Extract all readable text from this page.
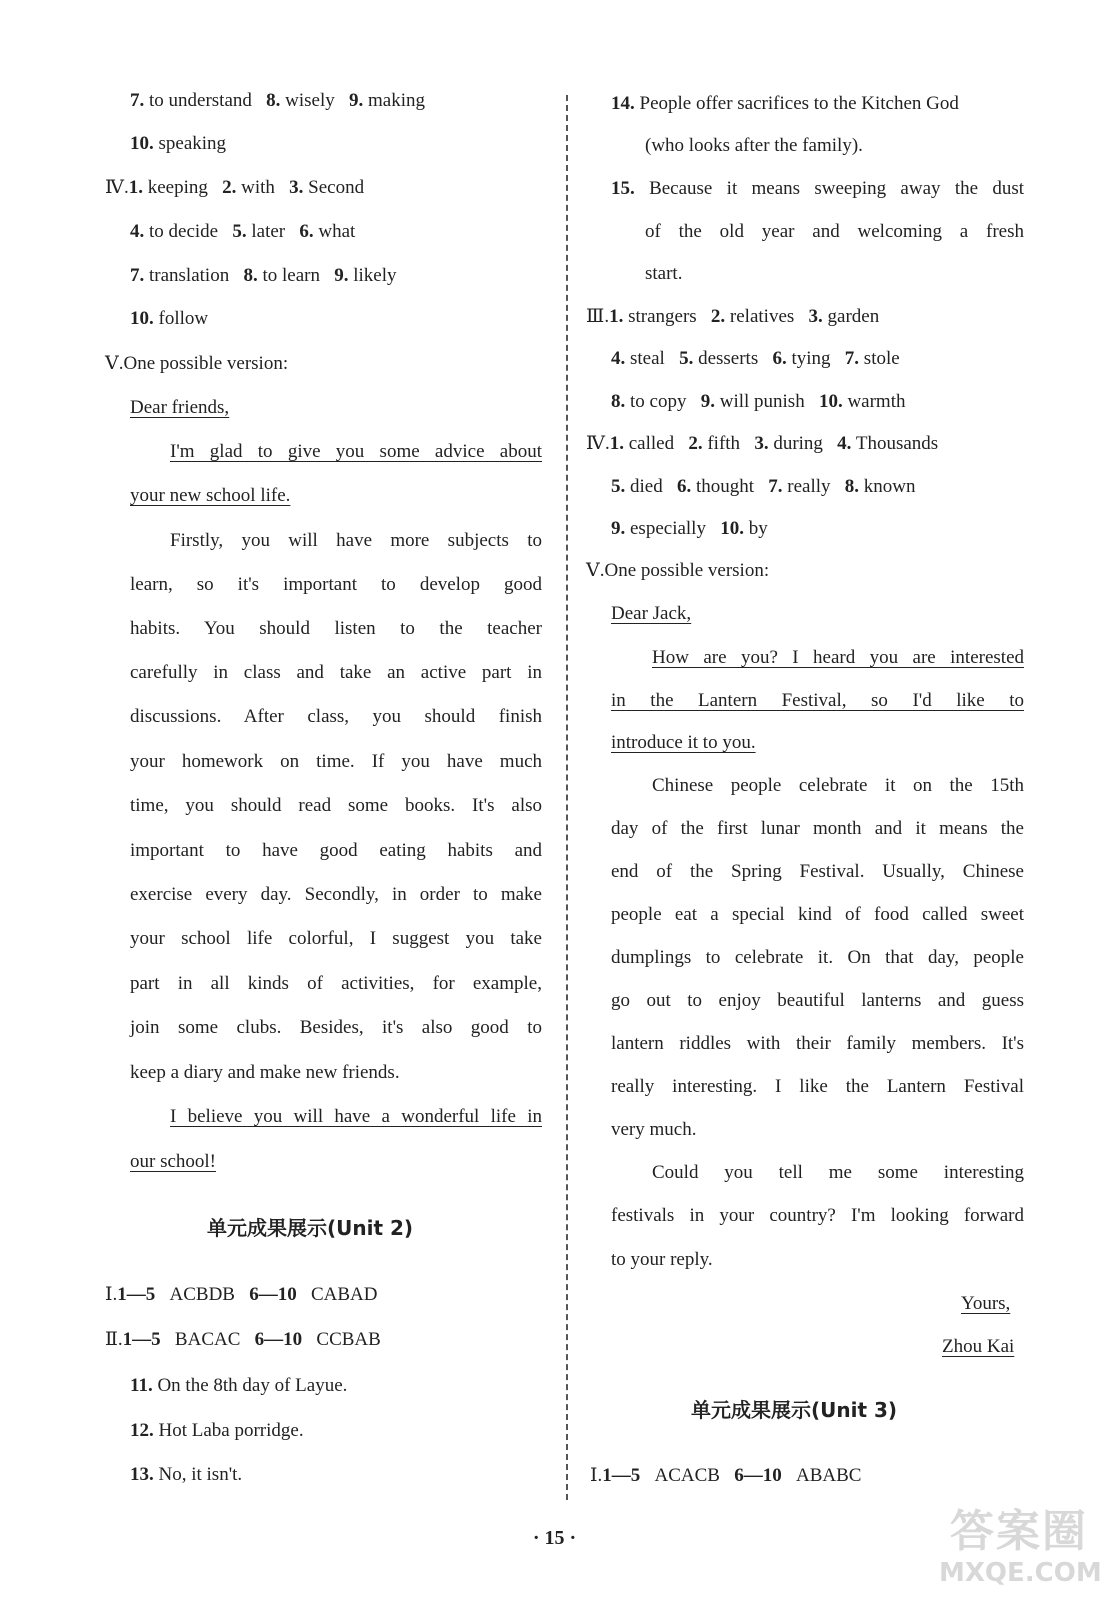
7. to understand 8. wisely 9. making
10. speaking
Ⅳ.1. keeping 2. with 3. Second
4. to decide 5. later 6. what
7. translation 8. to learn 9. likely
10. follow
Ⅴ.One possible version:
Dear friends,
I'm glad to give you some advice about
your new school life.
Firstly, you will have more subjects to
learn, so it's important to develop good
habits. You should listen to the teacher
carefully in class and take an active part in
discussions. After class, you should finish
your homework on time. If you have much
time, you should read some books. It's also
important to have good eating habits and
exercise every day. Secondly, in order to make
your school life colorful, I suggest you take
part in all kinds of activities, for example,
join some clubs. Besides, it's also good to
keep a diary and make new friends.
I believe you will have a wonderful life in
our school!
单元成果展示(Unit 2)
Ⅰ.1—5 ACBDB 6—10 CABAD
Ⅱ.1—5 BACAC 6—10 CCBAB
11. On the 8th day of Layue.
12. Hot Laba porridge.
13. No, it isn't.
14. People offer sacrifices to the Kitchen God
(who looks after the family).
15. Because it means sweeping away the dust
of the old year and welcoming a fresh
start.
Ⅲ.1. strangers 2. relatives 3. garden
4. steal 5. desserts 6. tying 7. stole
8. to copy 9. will punish 10. warmth
Ⅳ.1. called 2. fifth 3. during 4. Thousands
5. died 6. thought 7. really 8. known
9. especially 10. by
Ⅴ.One possible version:
Dear Jack,
How are you? I heard you are interested
in the Lantern Festival, so I'd like to
introduce it to you.
Chinese people celebrate it on the 15th
day of the first lunar month and it means the
end of the Spring Festival. Usually, Chinese
people eat a special kind of food called sweet
dumplings to celebrate it. On that day, people
go out to enjoy beautiful lanterns and guess
lantern riddles with their family members. It's
really interesting. I like the Lantern Festival
very much.
Could you tell me some interesting
festivals in your country? I'm looking forward
to your reply.
Yours,
Zhou Kai
单元成果展示(Unit 3)
Ⅰ.1—5 ACACB 6—10 ABABC
· 15 ·	答案圈
MXQE.COM
